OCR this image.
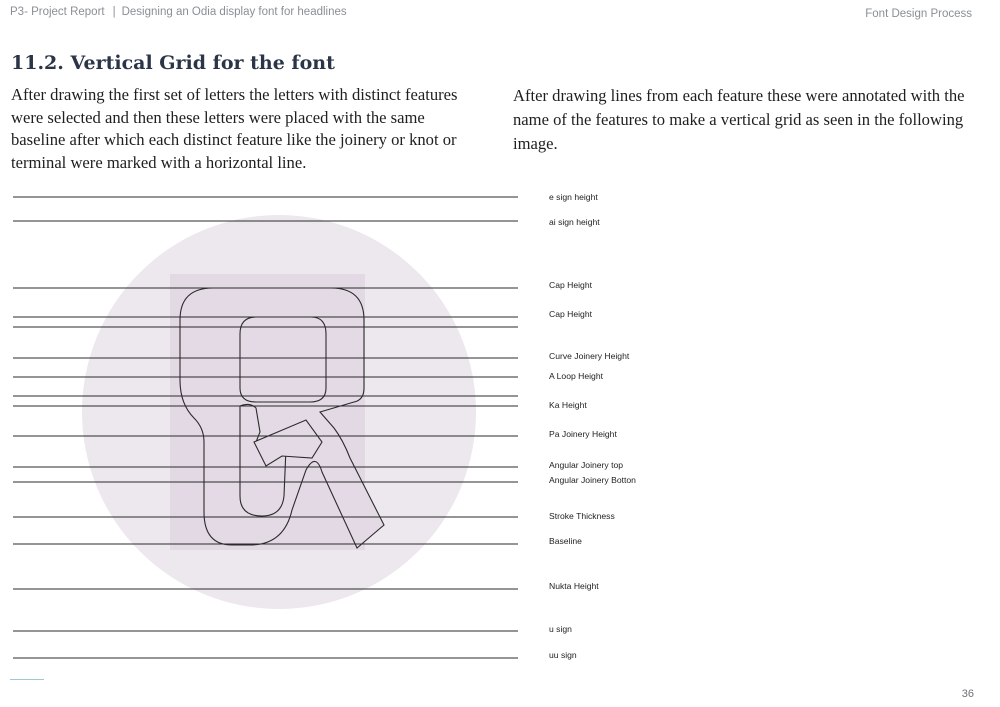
P3- Project Report | Designing an Odia display font for headlines	Font Design Process
11.2. Vertical Grid for the font

After drawing the first set of letters the letters with distinct features were selected and then these letters were placed with the same baseline after which each distinct feature like the joinery or knot or terminal were marked with a horizontal line.

After drawing lines from each feature these were annotated with the name of the features to make a vertical grid as seen in the following image.

e sign height
ai sign height
Cap Height
Cap Height
Curve Joinery Height
A Loop Height
Ka Height
Pa Joinery Height
Angular Joinery top
Angular Joinery Botton
Stroke Thickness
Baseline
Nukta Height
u sign
uu sign
36
